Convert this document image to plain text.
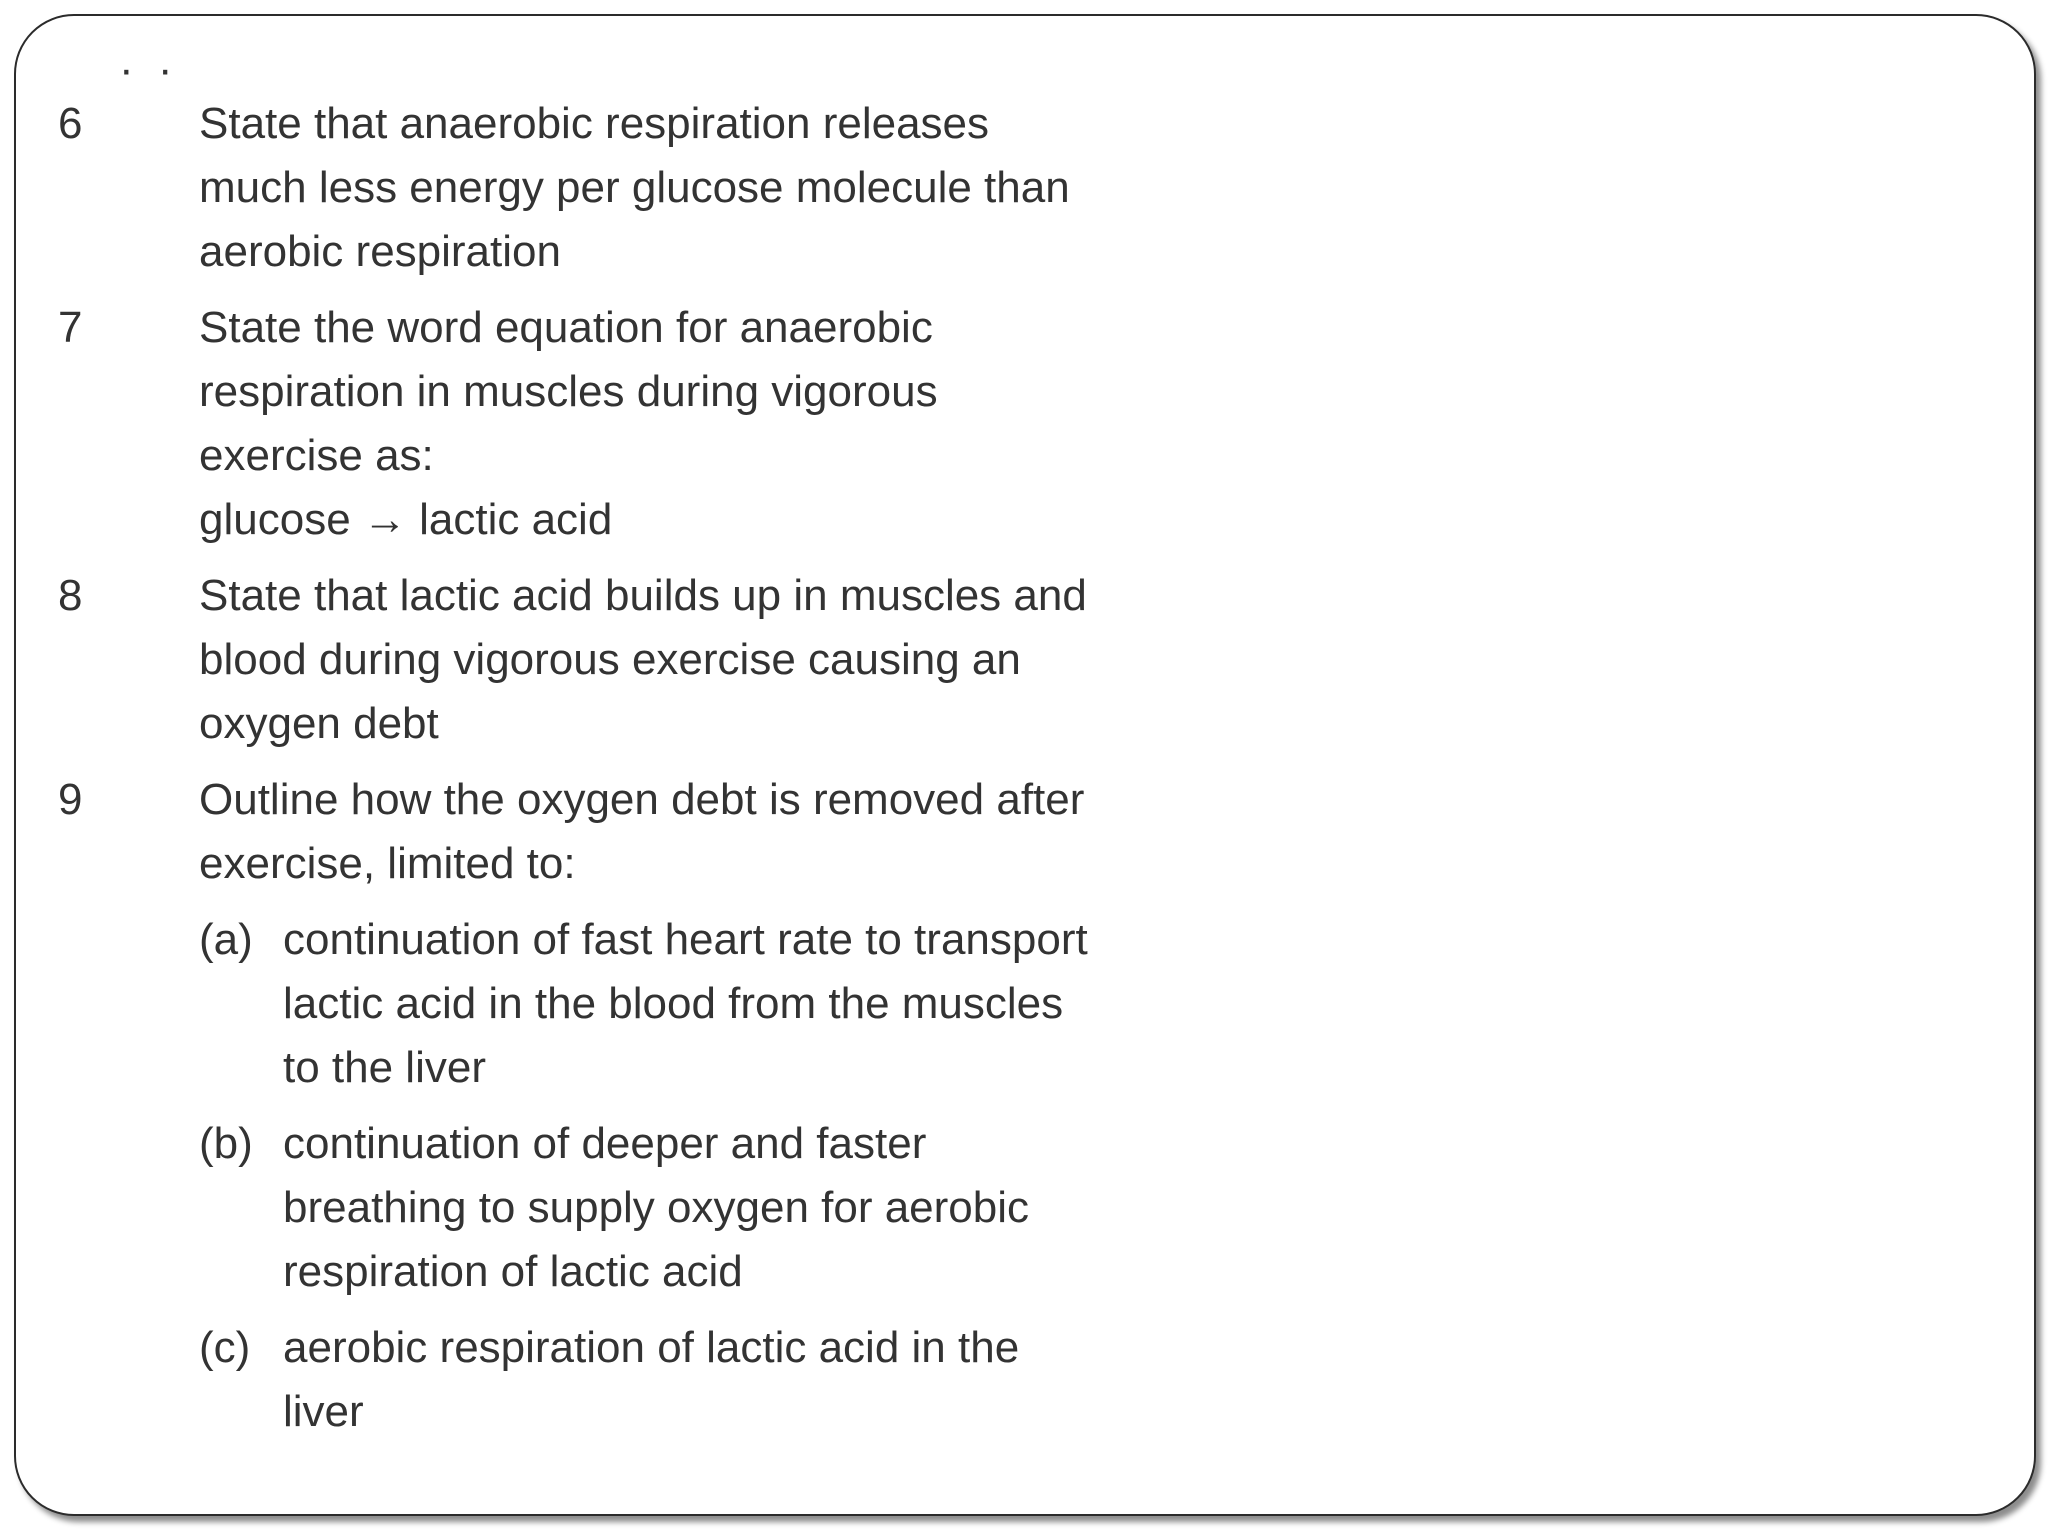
· ·
6	State that anaerobic respiration releases
much less energy per glucose molecule than
aerobic respiration
7	State the word equation for anaerobic
respiration in muscles during vigorous
exercise as:
glucose → lactic acid
8	State that lactic acid builds up in muscles and
blood during vigorous exercise causing an
oxygen debt
9	Outline how the oxygen debt is removed after
exercise, limited to:
(a) continuation of fast heart rate to transport
lactic acid in the blood from the muscles
to the liver
(b) continuation of deeper and faster
breathing to supply oxygen for aerobic
respiration of lactic acid
(c) aerobic respiration of lactic acid in the
liver
